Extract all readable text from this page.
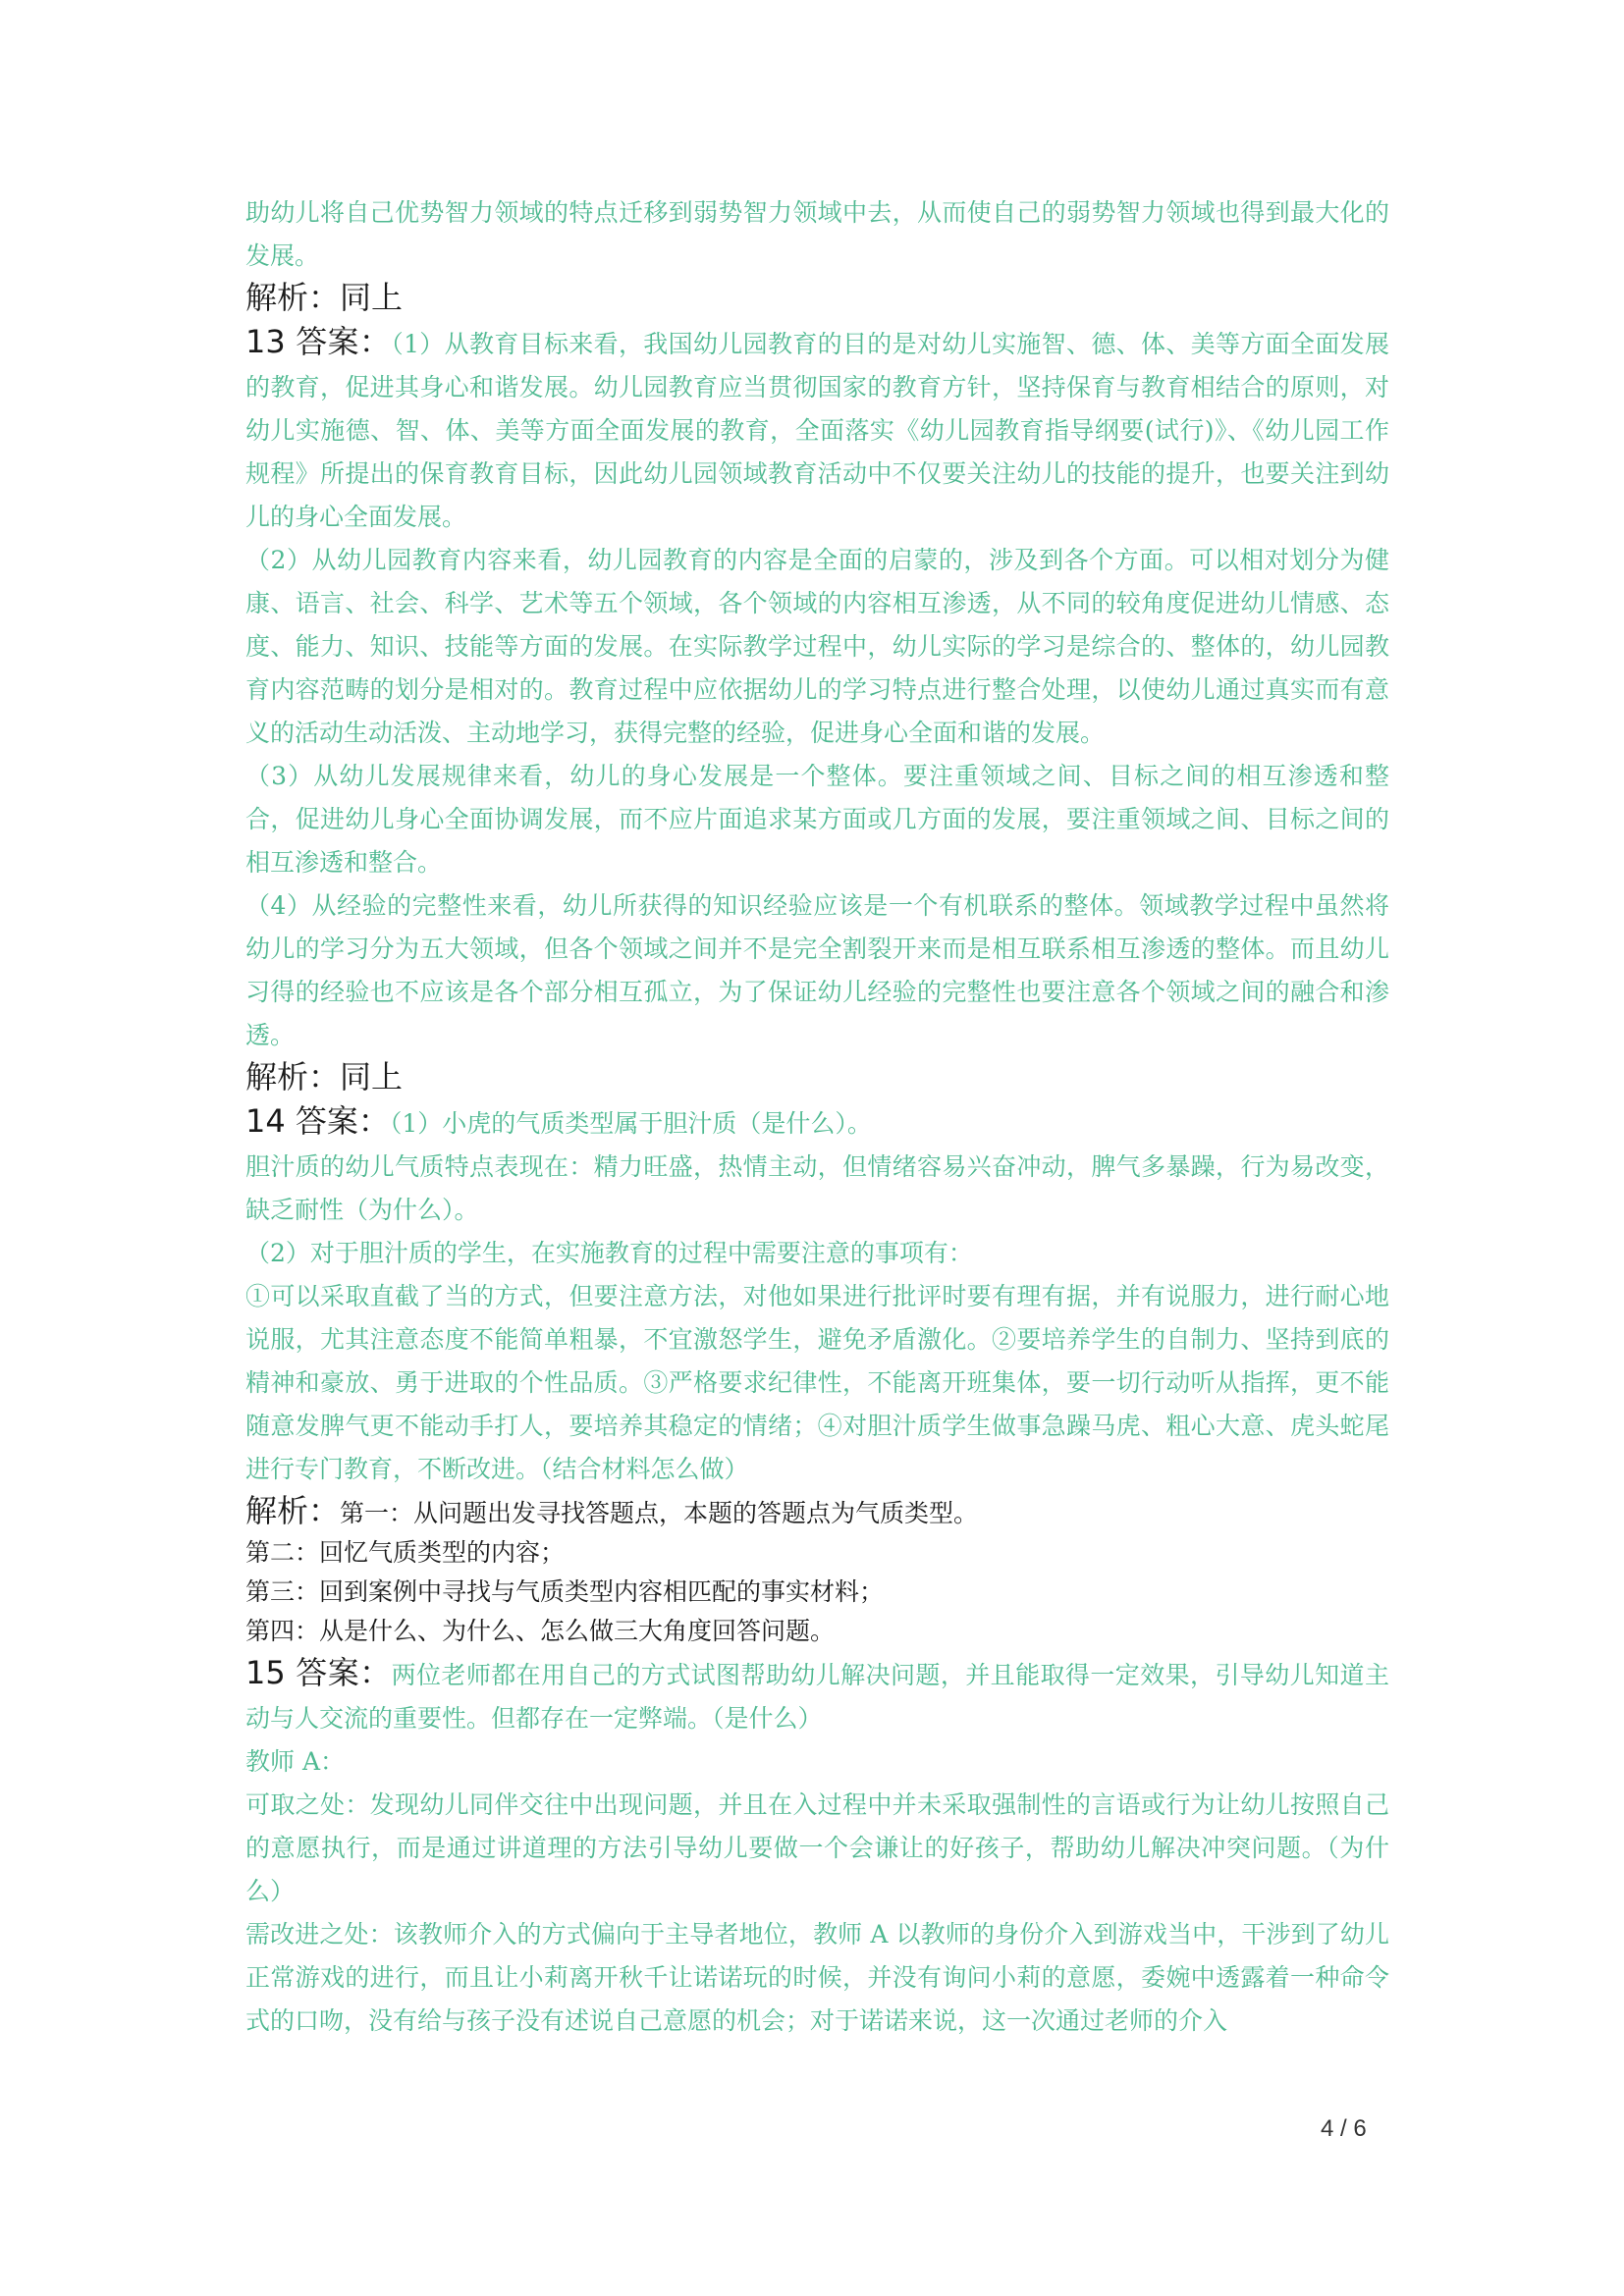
助幼儿将自己优势智力领域的特点迁移到弱势智力领域中去，从而使自己的弱势智力领域也得到最大化的发展。

解析：同上

13 答案：（1）从教育目标来看，我国幼儿园教育的目的是对幼儿实施智、德、体、美等方面全面发展的教育，促进其身心和谐发展。幼儿园教育应当贯彻国家的教育方针，坚持保育与教育相结合的原则，对幼儿实施德、智、体、美等方面全面发展的教育，全面落实《幼儿园教育指导纲要(试行)》、《幼儿园工作规程》所提出的保育教育目标，因此幼儿园领域教育活动中不仅要关注幼儿的技能的提升，也要关注到幼儿的身心全面发展。

（2）从幼儿园教育内容来看，幼儿园教育的内容是全面的启蒙的，涉及到各个方面。可以相对划分为健康、语言、社会、科学、艺术等五个领域，各个领域的内容相互渗透，从不同的较角度促进幼儿情感、态度、能力、知识、技能等方面的发展。在实际教学过程中，幼儿实际的学习是综合的、整体的，幼儿园教育内容范畴的划分是相对的。教育过程中应依据幼儿的学习特点进行整合处理，以使幼儿通过真实而有意义的活动生动活泼、主动地学习，获得完整的经验，促进身心全面和谐的发展。

（3）从幼儿发展规律来看，幼儿的身心发展是一个整体。要注重领域之间、目标之间的相互渗透和整合，促进幼儿身心全面协调发展，而不应片面追求某方面或几方面的发展，要注重领域之间、目标之间的相互渗透和整合。

（4）从经验的完整性来看，幼儿所获得的知识经验应该是一个有机联系的整体。领域教学过程中虽然将幼儿的学习分为五大领域，但各个领域之间并不是完全割裂开来而是相互联系相互渗透的整体。而且幼儿习得的经验也不应该是各个部分相互孤立，为了保证幼儿经验的完整性也要注意各个领域之间的融合和渗透。

解析：同上

14 答案：（1）小虎的气质类型属于胆汁质（是什么）。

胆汁质的幼儿气质特点表现在：精力旺盛，热情主动，但情绪容易兴奋冲动，脾气多暴躁，行为易改变，缺乏耐性（为什么）。

（2）对于胆汁质的学生，在实施教育的过程中需要注意的事项有：

①可以采取直截了当的方式，但要注意方法，对他如果进行批评时要有理有据，并有说服力，进行耐心地说服，尤其注意态度不能简单粗暴，不宜激怒学生，避免矛盾激化。②要培养学生的自制力、坚持到底的精神和豪放、勇于进取的个性品质。③严格要求纪律性，不能离开班集体，要一切行动听从指挥，更不能随意发脾气更不能动手打人，要培养其稳定的情绪；④对胆汁质学生做事急躁马虎、粗心大意、虎头蛇尾进行专门教育，不断改进。（结合材料怎么做）

解析：第一：从问题出发寻找答题点，本题的答题点为气质类型。

第二：回忆气质类型的内容；

第三：回到案例中寻找与气质类型内容相匹配的事实材料；

第四：从是什么、为什么、怎么做三大角度回答问题。

15 答案：两位老师都在用自己的方式试图帮助幼儿解决问题，并且能取得一定效果，引导幼儿知道主动与人交流的重要性。但都存在一定弊端。（是什么）

教师 A：

可取之处：发现幼儿同伴交往中出现问题，并且在入过程中并未采取强制性的言语或行为让幼儿按照自己的意愿执行，而是通过讲道理的方法引导幼儿要做一个会谦让的好孩子，帮助幼儿解决冲突问题。（为什么）

需改进之处：该教师介入的方式偏向于主导者地位，教师 A 以教师的身份介入到游戏当中，干涉到了幼儿正常游戏的进行，而且让小莉离开秋千让诺诺玩的时候，并没有询问小莉的意愿，委婉中透露着一种命令式的口吻，没有给与孩子没有述说自己意愿的机会；对于诺诺来说，这一次通过老师的介入

4 / 6
